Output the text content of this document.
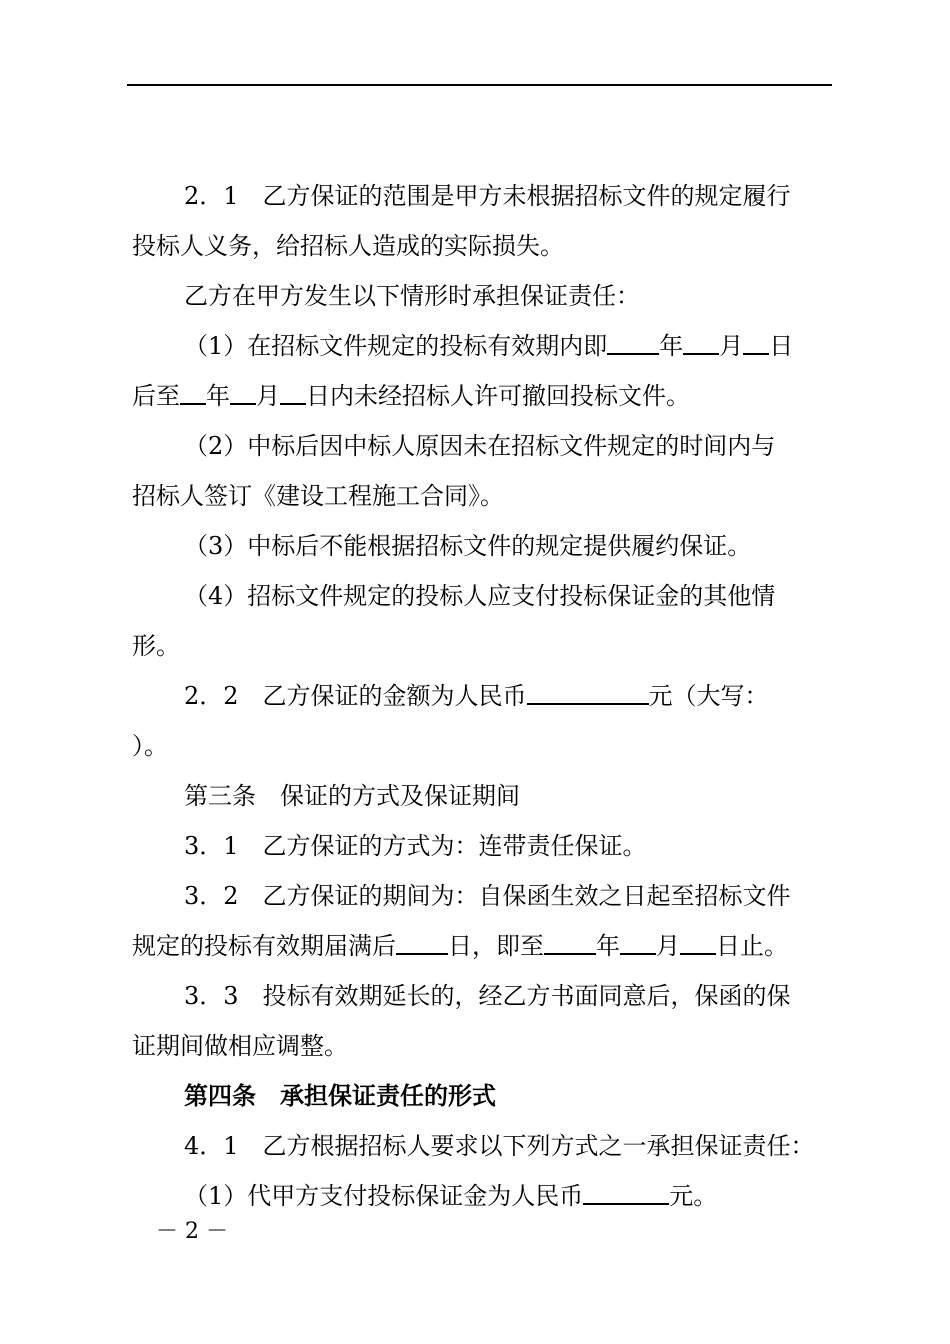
2．1　乙方保证的范围是甲方未根据招标文件的规定履行
投标人义务，给招标人造成的实际损失。
乙方在甲方发生以下情形时承担保证责任：
（1）在招标文件规定的投标有效期内即 年 月 日
后至 年 月 日内未经招标人许可撤回投标文件。
（2）中标后因中标人原因未在招标文件规定的时间内与
招标人签订《建设工程施工合同》。
（3）中标后不能根据招标文件的规定提供履约保证。
（4）招标文件规定的投标人应支付投标保证金的其他情
形。
2．2　乙方保证的金额为人民币	元（大写：
）。
第三条　保证的方式及保证期间
3．1　乙方保证的方式为：连带责任保证。
3．2　乙方保证的期间为：自保函生效之日起至招标文件
规定的投标有效期届满后 日，即至 年 月 日止。
3．3　投标有效期延长的，经乙方书面同意后，保函的保
证期间做相应调整。
第四条　承担保证责任的形式
4．1　乙方根据招标人要求以下列方式之一承担保证责任：
（1）代甲方支付投标保证金为人民币	元。
－ 2 －
